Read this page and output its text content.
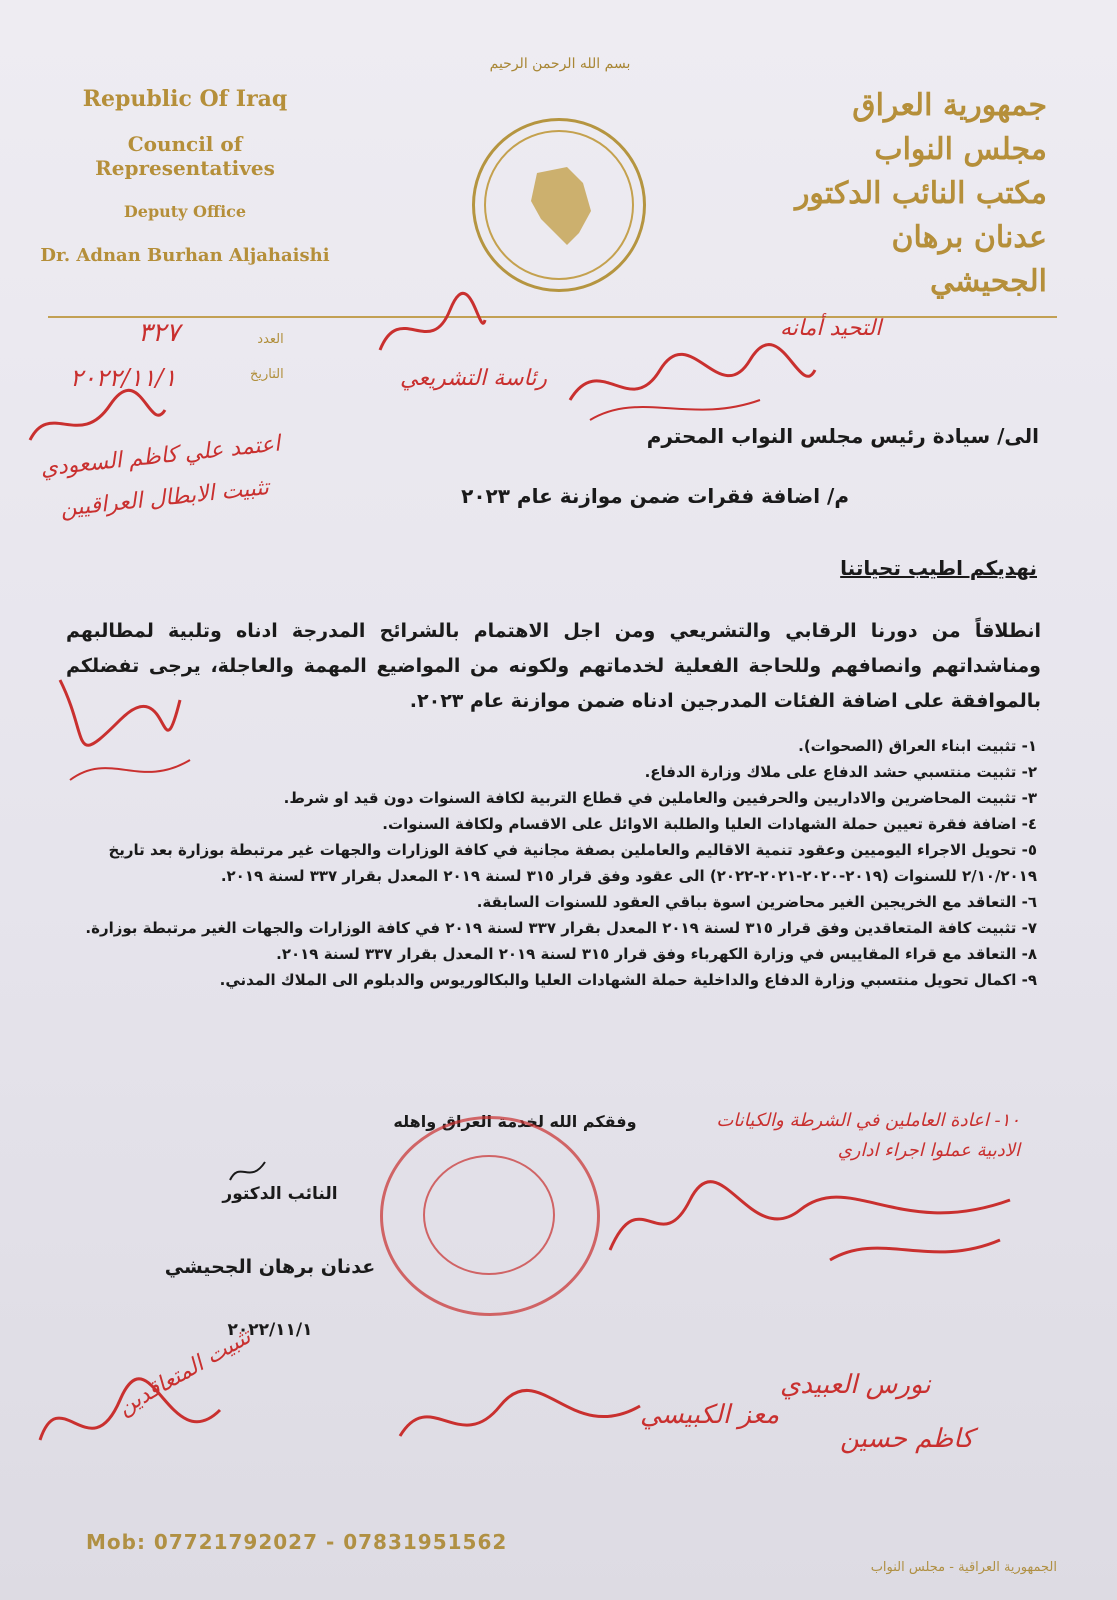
بسم الله الرحمن الرحيم
Republic Of Iraq
Council of Representatives
Deputy Office
Dr. Adnan Burhan Aljahaishi
جمهورية العراق
مجلس النواب
مكتب النائب الدكتور
عدنان برهان الجحيشي
العدد
التاريخ
٣٢٧
٢٠٢٢/١١/١
التحيد أمانه
رئاسة التشريعي
اعتمد علي كاظم السعودي
تثبيت الابطال العراقيين
الى/ سيادة رئيس مجلس النواب المحترم
م/ اضافة فقرات ضمن موازنة عام ٢٠٢٣
نهديكم اطيب تحياتنا
انطلاقاً من دورنا الرقابي والتشريعي ومن اجل الاهتمام بالشرائح المدرجة ادناه وتلبية لمطالبهم ومناشداتهم وانصافهم وللحاجة الفعلية لخدماتهم ولكونه من المواضيع المهمة والعاجلة، يرجى تفضلكم بالموافقة على اضافة الفئات المدرجين ادناه ضمن موازنة عام ٢٠٢٣.
١- تثبيت ابناء العراق (الصحوات).
٢- تثبيت منتسبي حشد الدفاع على ملاك وزارة الدفاع.
٣- تثبيت المحاضرين والاداريين والحرفيين والعاملين في قطاع التربية لكافة السنوات دون قيد او شرط.
٤- اضافة فقرة تعيين حملة الشهادات العليا والطلبة الاوائل على الاقسام ولكافة السنوات.
٥- تحويل الاجراء اليوميين وعقود تنمية الاقاليم والعاملين بصفة مجانية في كافة الوزارات والجهات غير مرتبطة بوزارة بعد تاريخ ٢/١٠/٢٠١٩ للسنوات (٢٠١٩-٢٠٢٠-٢٠٢١-٢٠٢٢) الى عقود وفق قرار ٣١٥ لسنة ٢٠١٩ المعدل بقرار ٣٣٧ لسنة ٢٠١٩.
٦- التعاقد مع الخريجين الغير محاضرين اسوة بباقي العقود للسنوات السابقة.
٧- تثبيت كافة المتعاقدين وفق قرار ٣١٥ لسنة ٢٠١٩ المعدل بقرار ٣٣٧ لسنة ٢٠١٩ في كافة الوزارات والجهات الغير مرتبطة بوزارة.
٨- التعاقد مع قراء المقاييس في وزارة الكهرباء وفق قرار ٣١٥ لسنة ٢٠١٩ المعدل بقرار ٣٣٧ لسنة ٢٠١٩.
٩- اكمال تحويل منتسبي وزارة الدفاع والداخلية حملة الشهادات العليا والبكالوريوس والدبلوم الى الملاك المدني.
وفقكم الله لخدمة العراق واهله	١٠- اعادة العاملين في الشرطة والكيانات الادبية عملوا اجراء اداري
النائب الدكتور
عدنان برهان الجحيشي
٢٠٢٢/١١/١
تثبيت المتعاقدين	معز الكبيسي
نورس العبيدي
كاظم حسين
Mob: 07721792027 - 07831951562
الجمهورية العراقية - مجلس النواب
